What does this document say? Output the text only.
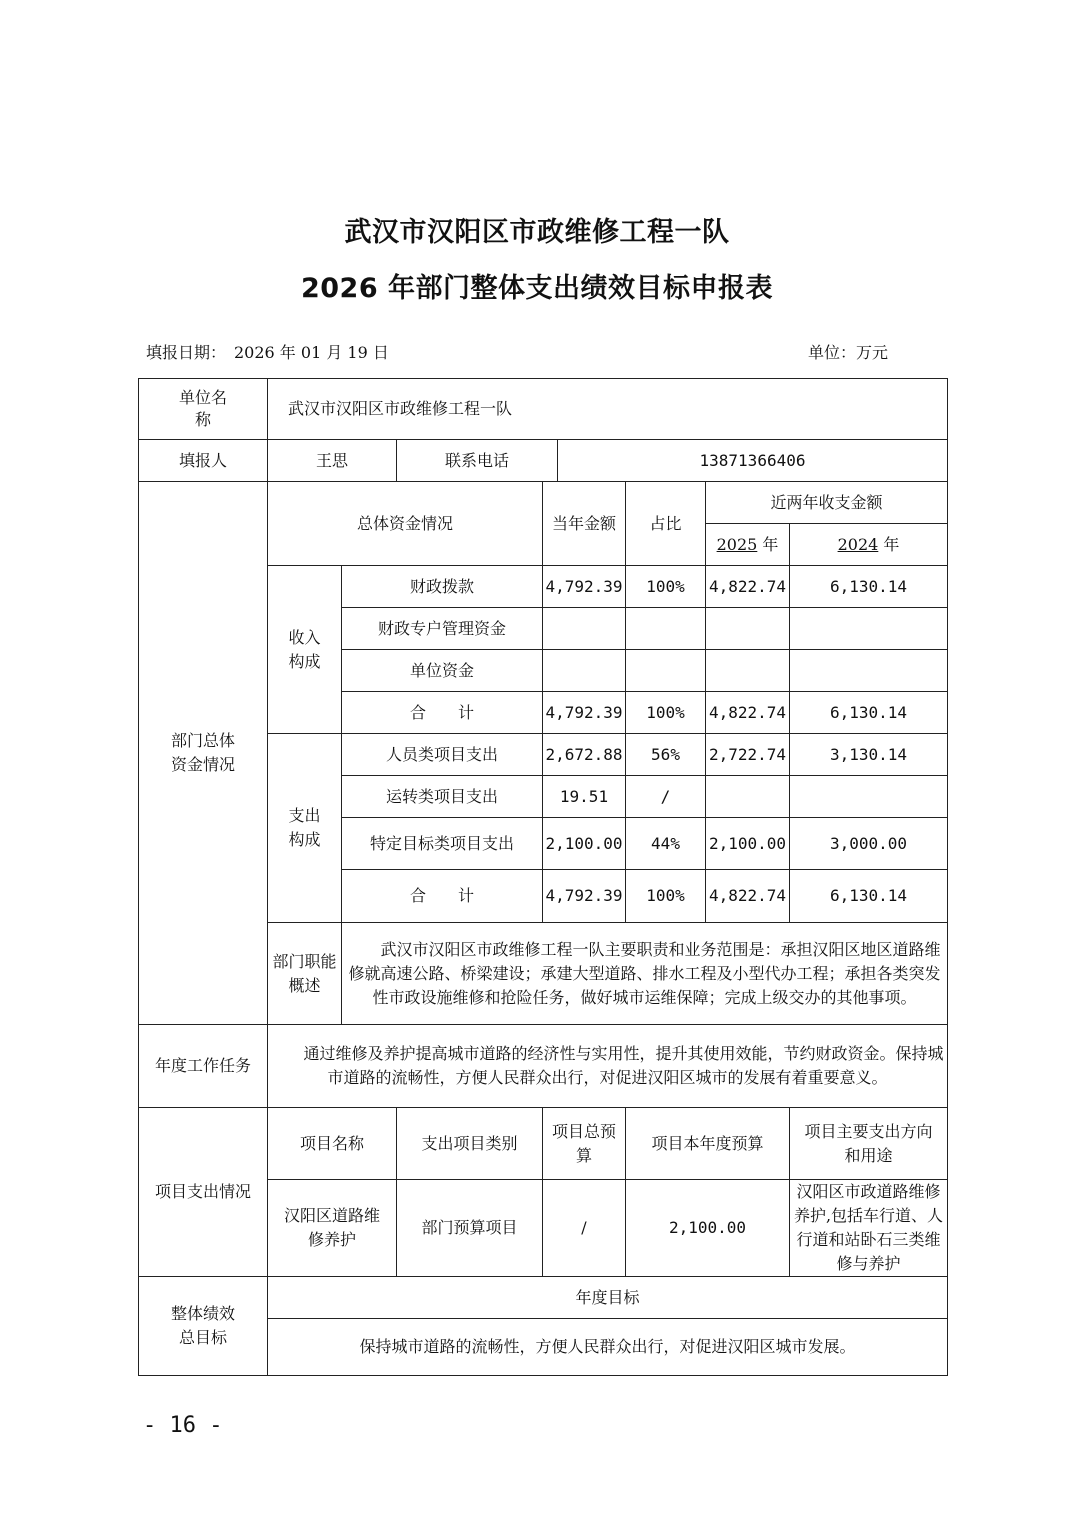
武汉市汉阳区市政维修工程一队
2026 年部门整体支出绩效目标申报表
填报日期：　2026 年 01 月 19 日	单位：万元
单位名称	武汉市汉阳区市政维修工程一队							
填报人	王思		联系电话		13871366406			
部门总体资金情况	总体资金情况			当年金额		占比	近两年收支金额	
							2025 年	2024 年
	收入构成	财政拨款		4,792.39		100%	4,822.74	6,130.14
		财政专户管理资金						
		单位资金						
		合　　计		4,792.39		100%	4,822.74	6,130.14
	支出构成	人员类项目支出		2,672.88		56%	2,722.74	3,130.14
		运转类项目支出		19.51		/		
		特定目标类项目支出		2,100.00		44%	2,100.00	3,000.00
		合　　计		4,792.39		100%	4,822.74	6,130.14
	部门职能概述	　　武汉市汉阳区市政维修工程一队主要职责和业务范围是：承担汉阳区地区道路维修就高速公路、桥梁建设；承建大型道路、排水工程及小型代办工程；承担各类突发性市政设施维修和抢险任务，做好城市运维保障；完成上级交办的其他事项。						
年度工作任务	　　通过维修及养护提高城市道路的经济性与实用性，提升其使用效能，节约财政资金。保持城市道路的流畅性，方便人民群众出行，对促进汉阳区城市的发展有着重要意义。							
项目支出情况	项目名称		支出项目类别	项目总预算		项目本年度预算		项目主要支出方向和用途
	汉阳区道路维修养护		部门预算项目	/		2,100.00		汉阳区市政道路维修养护,包括车行道、人行道和站卧石三类维修与养护
整体绩效总目标	年度目标							
	保持城市道路的流畅性，方便人民群众出行，对促进汉阳区城市发展。							
- 16 -
